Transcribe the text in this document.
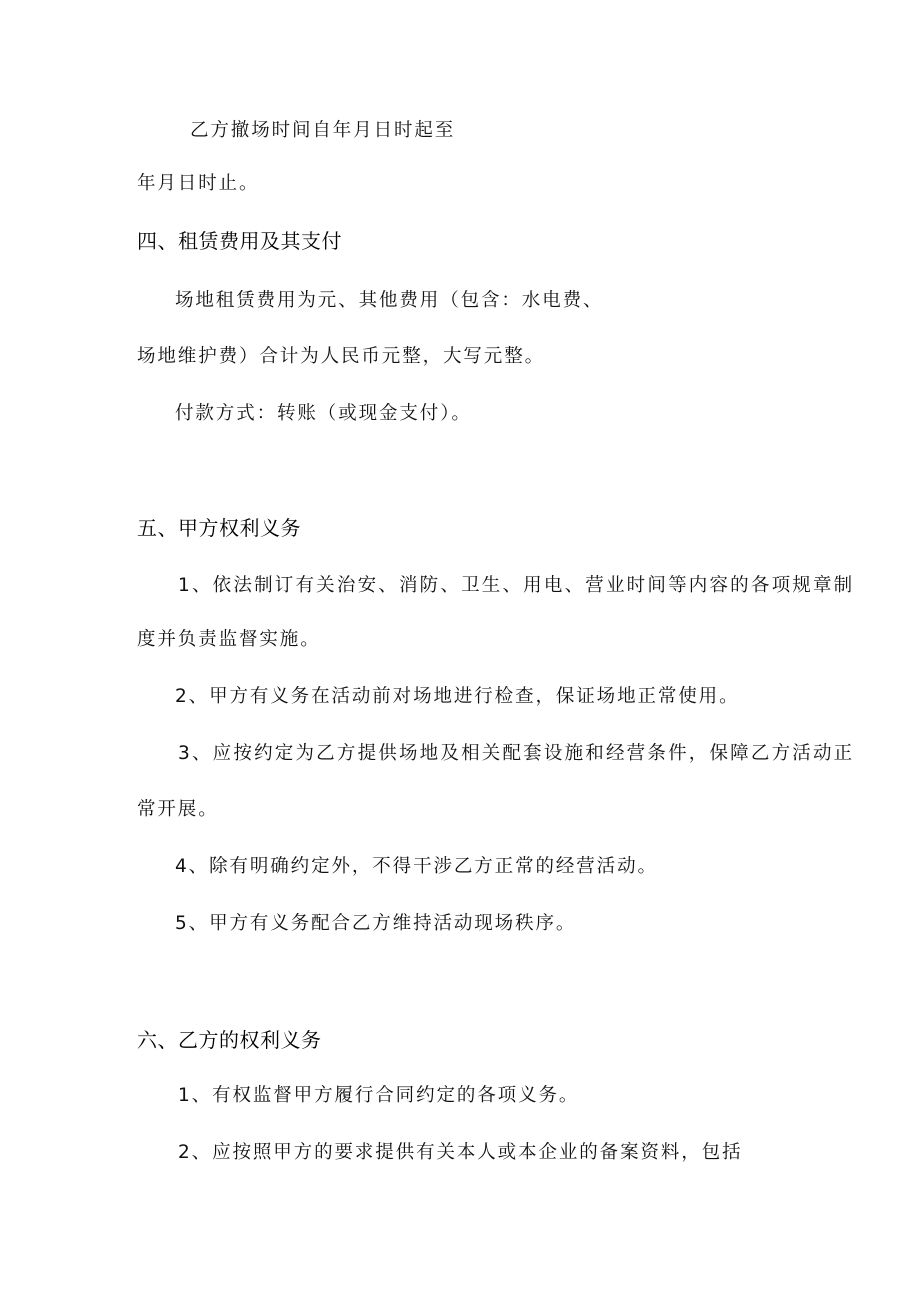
乙方撤场时间自年月日时起至
年月日时止。
四、租赁费用及其支付
场地租赁费用为元、其他费用（包含：水电费、
场地维护费）合计为人民币元整，大写元整。
付款方式：转账（或现金支付）。
五、甲方权利义务
1、依法制订有关治安、消防、卫生、用电、营业时间等内容的各项规章制
度并负责监督实施。
2、甲方有义务在活动前对场地进行检查，保证场地正常使用。
3、应按约定为乙方提供场地及相关配套设施和经营条件，保障乙方活动正
常开展。
4、除有明确约定外，不得干涉乙方正常的经营活动。
5、甲方有义务配合乙方维持活动现场秩序。
六、乙方的权利义务
1、有权监督甲方履行合同约定的各项义务。
2、应按照甲方的要求提供有关本人或本企业的备案资料，包括
